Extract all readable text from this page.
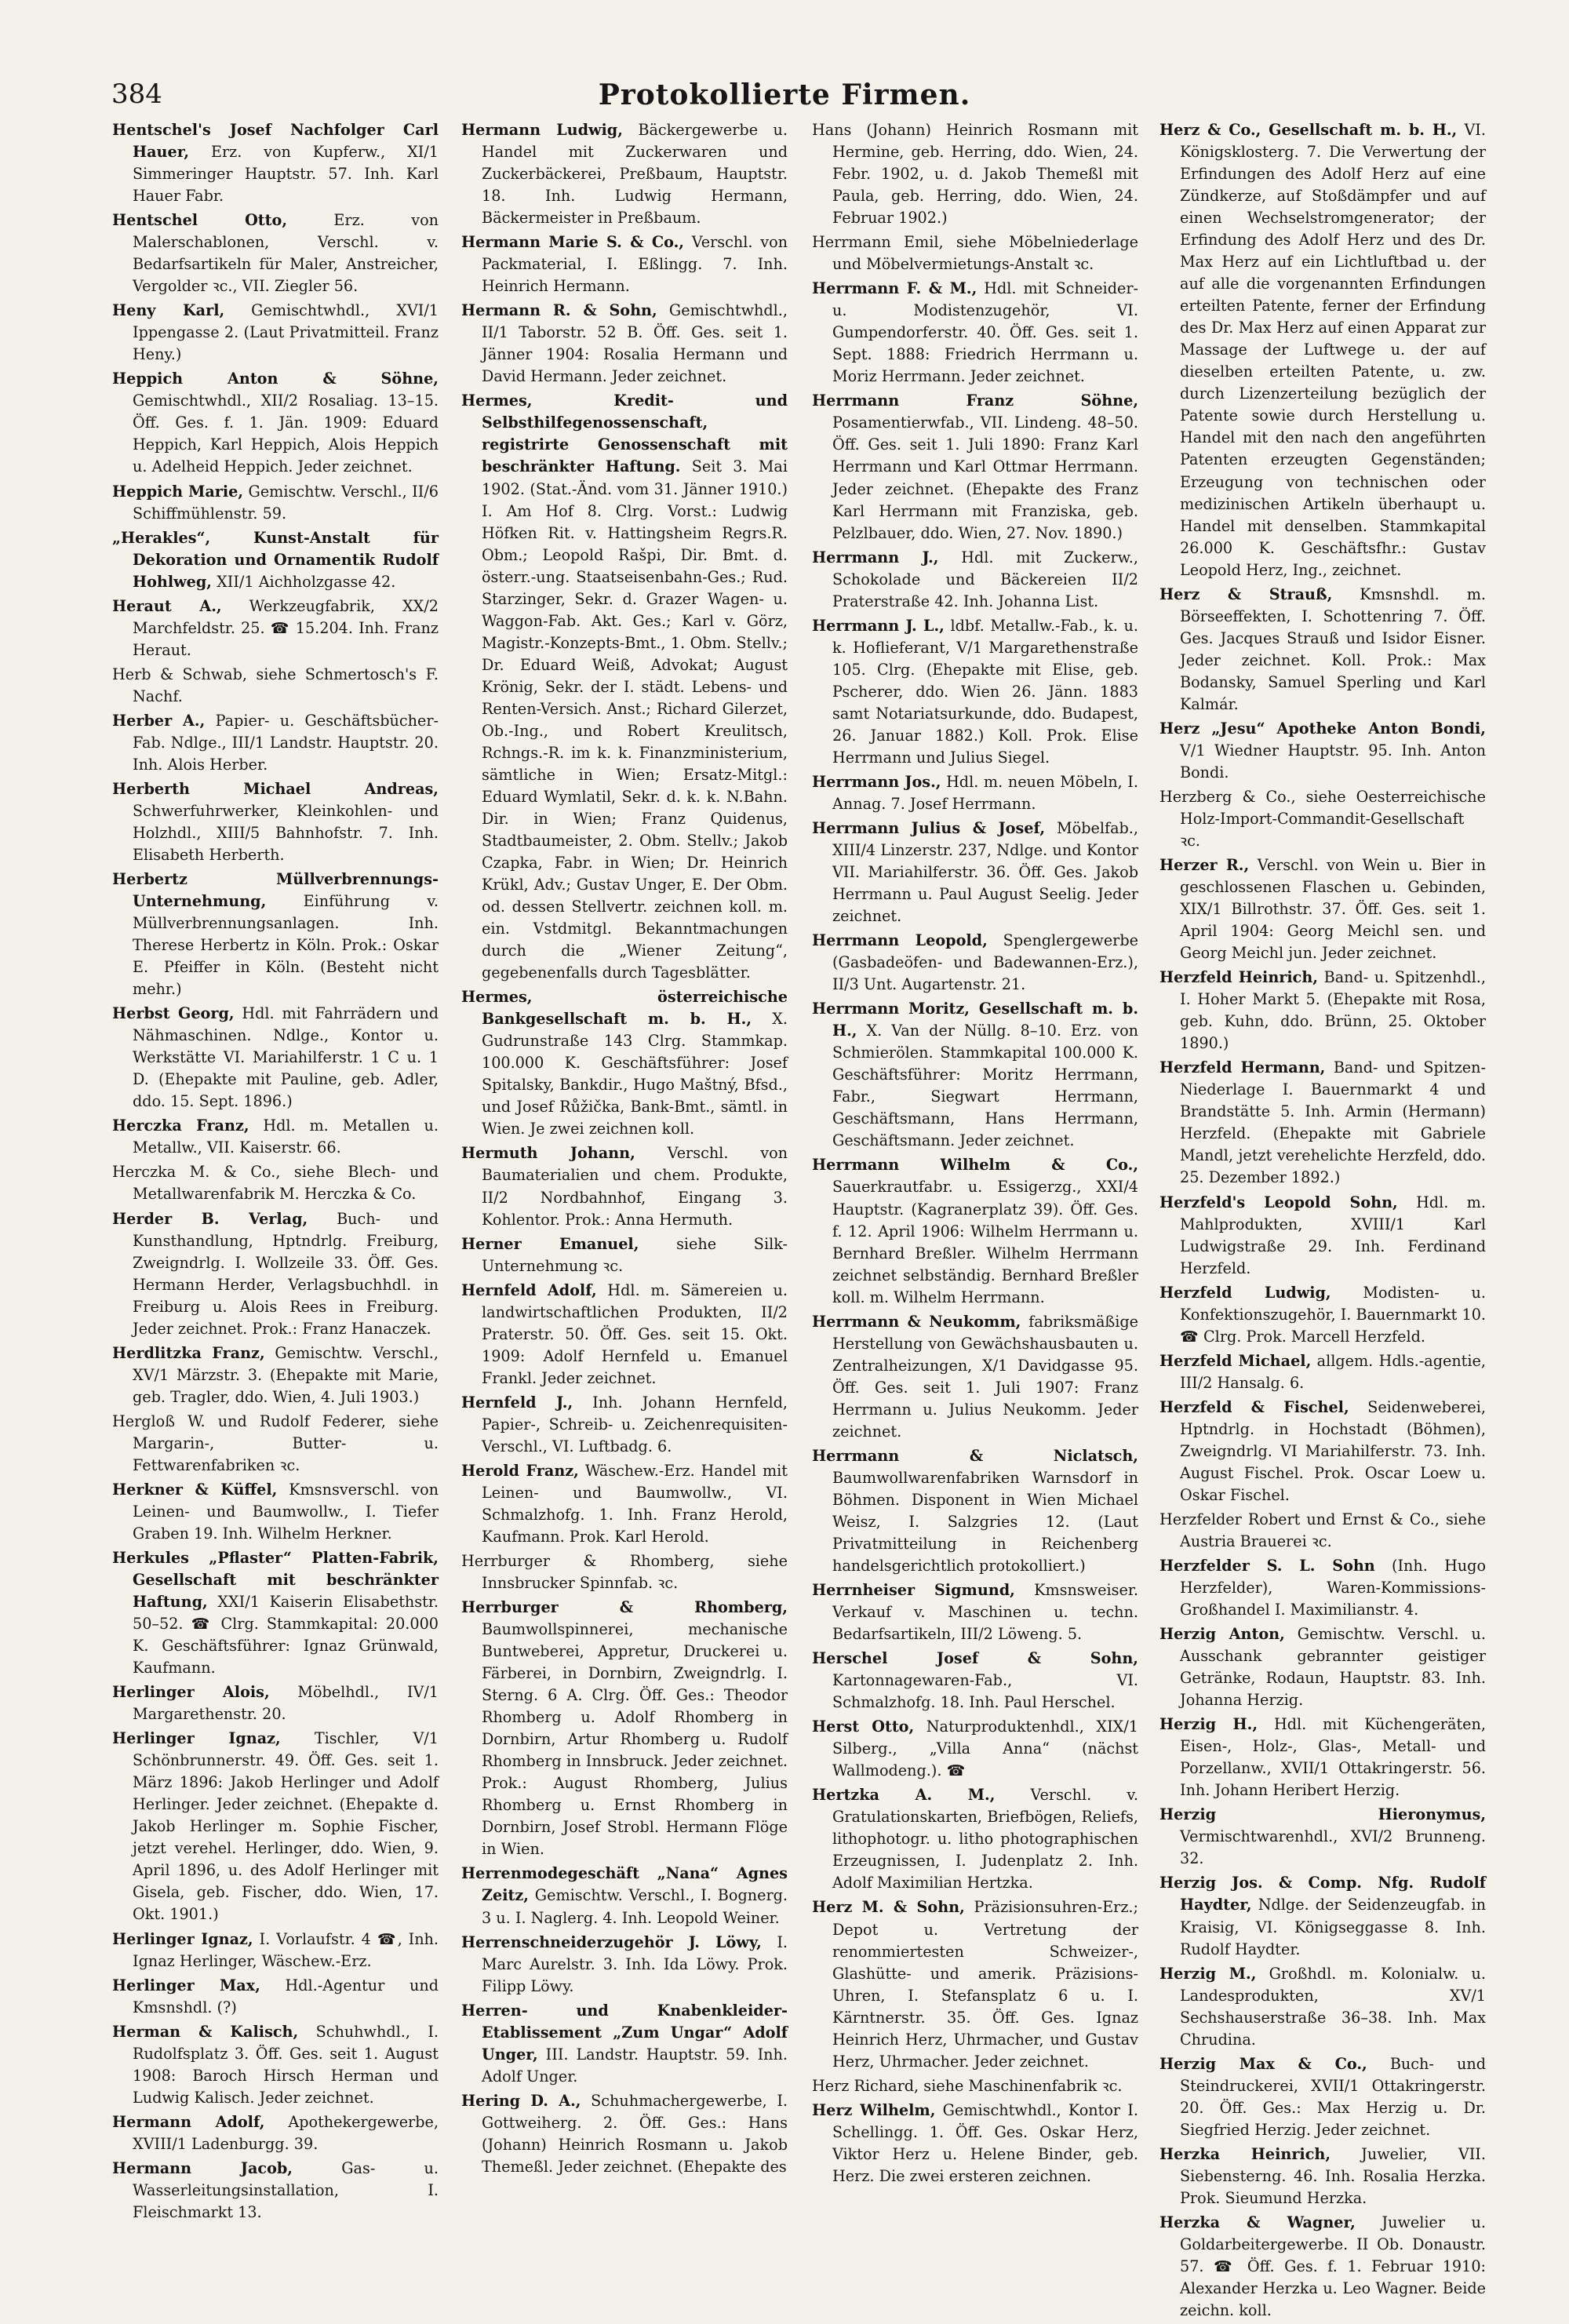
384	Protokollierte Firmen.

Hentschel's Josef Nachfolger Carl Hauer, Erz. von Kupferw., XI/1 Simmeringer Hauptstr. 57. Inh. Karl Hauer Fabr.

Hentschel Otto,	Erz. von Malerschablonen, Verschl. v. Bedarfsartikeln für Maler, Anstreicher, Vergolder ꝛc., VII. Ziegler 56.

Heny Karl, Gemischtwhdl., XVI/1 Ippengasse 2. (Laut Privatmitteil. Franz Heny.)

Heppich Anton & Söhne, Gemischtwhdl., XII/2 Rosaliag. 13–15. Öff. Ges. f. 1. Jän. 1909: Eduard Heppich, Karl Heppich, Alois Heppich u. Adelheid Heppich. Jeder zeichnet.

Heppich Marie, Gemischtw. Verschl., II/6 Schiffmühlenstr. 59.

„Herakles“, Kunst-Anstalt für Dekoration und Ornamentik Rudolf Hohlweg, XII/1 Aichholzgasse 42.

Heraut A., Werkzeugfabrik, XX/2 Marchfeldstr. 25. ☎ 15.204. Inh. Franz Heraut.

Herb & Schwab, siehe Schmertosch's F. Nachf.

Herber A., Papier- u. Geschäftsbücher-Fab. Ndlge., III/1 Landstr. Hauptstr. 20. Inh. Alois Herber.

Herberth Michael Andreas, Schwerfuhrwerker, Kleinkohlen- und Holzhdl., XIII/5 Bahnhofstr. 7. Inh. Elisabeth Herberth.

Herbertz Müllverbrennungs-Unternehmung, Einführung v. Müllverbrennungsanlagen. Inh. Therese Herbertz in Köln. Prok.: Oskar E. Pfeiffer in Köln. (Besteht nicht mehr.)

Herbst Georg, Hdl. mit Fahrrädern und Nähmaschinen. Ndlge., Kontor u. Werkstätte VI. Mariahilferstr. 1 C u. 1 D. (Ehepakte mit Pauline, geb. Adler, ddo. 15. Sept. 1896.)

Herczka Franz, Hdl. m. Metallen u. Metallw., VII. Kaiserstr. 66.

Herczka M. & Co., siehe Blech- und Metallwarenfabrik M. Herczka & Co.

Herder B. Verlag, Buch- und Kunsthandlung, Hptndrlg. Freiburg, Zweigndrlg. I. Wollzeile 33. Öff. Ges. Hermann Herder, Verlagsbuchhdl. in Freiburg u. Alois Rees in Freiburg. Jeder zeichnet. Prok.: Franz Hanaczek.

Herdlitzka Franz, Gemischtw. Verschl., XV/1 Märzstr. 3. (Ehepakte mit Marie, geb. Tragler, ddo. Wien, 4. Juli 1903.)

Hergloß W. und Rudolf Federer, siehe Margarin-, Butter- u. Fettwarenfabriken ꝛc.

Herkner & Küffel, Kmsnsverschl. von Leinen- und Baumwollw., I. Tiefer Graben 19. Inh. Wilhelm Herkner.

Herkules „Pflaster“ Platten-Fabrik, Gesellschaft mit beschränkter Haftung, XXI/1 Kaiserin Elisabethstr. 50–52. ☎ Clrg. Stammkapital: 20.000 K. Geschäftsführer: Ignaz Grünwald, Kaufmann.

Herlinger Alois, Möbelhdl., IV/1 Margarethenstr. 20.

Herlinger Ignaz, Tischler, V/1 Schönbrunnerstr. 49. Öff. Ges. seit 1. März 1896: Jakob Herlinger und Adolf Herlinger. Jeder zeichnet. (Ehepakte d. Jakob Herlinger m. Sophie Fischer, jetzt verehel. Herlinger, ddo. Wien, 9. April 1896, u. des Adolf Herlinger mit Gisela, geb. Fischer, ddo. Wien, 17. Okt. 1901.)

Herlinger Ignaz, I. Vorlaufstr. 4 ☎, Inh. Ignaz Herlinger, Wäschew.-Erz.

Herlinger Max, Hdl.-Agentur und Kmsnshdl. (?)

Herman & Kalisch, Schuhwhdl., I. Rudolfsplatz 3. Öff. Ges. seit 1. August 1908: Baroch Hirsch Herman und Ludwig Kalisch. Jeder zeichnet.

Hermann Adolf, Apothekergewerbe, XVIII/1 Ladenburgg. 39.

Hermann Jacob,	Gas- u. Wasserleitungsinstallation, I. Fleischmarkt 13.

Hermann Ludwig, Bäckergewerbe u. Handel mit Zuckerwaren und Zuckerbäckerei, Preßbaum, Hauptstr. 18. Inh. Ludwig Hermann, Bäckermeister in Preßbaum.

Hermann Marie S. & Co., Verschl. von Packmaterial, I. Eßlingg. 7. Inh. Heinrich Hermann.

Hermann R. & Sohn, Gemischtwhdl., II/1 Taborstr. 52 B. Öff. Ges. seit 1. Jänner 1904: Rosalia Hermann und David Hermann. Jeder zeichnet.

Hermes, Kredit- und Selbsthilfegenossenschaft, registrirte Genossenschaft mit beschränkter Haftung. Seit 3. Mai 1902. (Stat.-Änd. vom 31. Jänner 1910.) I. Am Hof 8. Clrg. Vorst.: Ludwig Höfken Rit. v. Hattingsheim Regrs.R. Obm.; Leopold Rašpi, Dir. Bmt. d. österr.-ung. Staatseisenbahn-Ges.; Rud. Starzinger, Sekr. d. Grazer Wagen- u. Waggon-Fab. Akt. Ges.; Karl v. Görz, Magistr.-Konzepts-Bmt., 1. Obm. Stellv.; Dr. Eduard Weiß, Advokat; August Krönig, Sekr. der I. städt. Lebens- und Renten-Versich. Anst.; Richard Gilerzet, Ob.-Ing., und Robert Kreulitsch, Rchngs.-R. im k. k. Finanzministerium, sämtliche in Wien; Ersatz-Mitgl.: Eduard Wymlatil, Sekr. d. k. k. N.Bahn. Dir. in Wien; Franz Quidenus, Stadtbaumeister, 2. Obm. Stellv.; Jakob Czapka, Fabr. in Wien; Dr. Heinrich Krükl, Adv.; Gustav Unger, E. Der Obm. od. dessen Stellvertr. zeichnen koll. m. ein. Vstdmitgl. Bekanntmachungen durch die „Wiener Zeitung“, gegebenenfalls durch Tagesblätter.

Hermes, österreichische Bankgesellschaft m. b. H., X. Gudrunstraße 143 Clrg. Stammkap. 100.000 K. Geschäftsführer: Josef Spitalsky, Bankdir., Hugo Maštný, Bfsd., und Josef Růžička, Bank-Bmt., sämtl. in Wien. Je zwei zeichnen koll.

Hermuth Johann, Verschl. von Baumaterialien und chem. Produkte, II/2 Nordbahnhof, Eingang 3. Kohlentor. Prok.: Anna Hermuth.

Herner Emanuel, siehe Silk-Unternehmung ꝛc.

Hernfeld Adolf, Hdl. m. Sämereien u. landwirtschaftlichen Produkten, II/2 Praterstr. 50. Öff. Ges. seit 15. Okt. 1909: Adolf Hernfeld u. Emanuel Frankl. Jeder zeichnet.

Hernfeld J., Inh. Johann Hernfeld, Papier-, Schreib- u. Zeichenrequisiten-Verschl., VI. Luftbadg. 6.

Herold Franz, Wäschew.-Erz. Handel mit Leinen- und Baumwollw., VI. Schmalzhofg. 1. Inh. Franz Herold, Kaufmann. Prok. Karl Herold.

Herrburger & Rhomberg, siehe Innsbrucker Spinnfab. ꝛc.

Herrburger & Rhomberg, Baumwollspinnerei, mechanische Buntweberei, Appretur, Druckerei u. Färberei, in Dornbirn, Zweigndrlg. I. Sterng. 6 A. Clrg. Öff. Ges.: Theodor Rhomberg u. Adolf Rhomberg in Dornbirn, Artur Rhomberg u. Rudolf Rhomberg in Innsbruck. Jeder zeichnet. Prok.: August Rhomberg, Julius Rhomberg u. Ernst Rhomberg in Dornbirn, Josef Strobl. Hermann Flöge in Wien.

Herrenmodegeschäft „Nana“ Agnes Zeitz, Gemischtw. Verschl., I. Bognerg. 3 u. I. Naglerg. 4. Inh. Leopold Weiner.

Herrenschneiderzugehör J. Löwy, I. Marc Aurelstr. 3. Inh. Ida Löwy. Prok. Filipp Löwy.

Herren- und Knabenkleider-Etablissement „Zum Ungar“ Adolf Unger, III. Landstr. Hauptstr. 59. Inh. Adolf Unger.

Hering D. A., Schuhmachergewerbe, I. Gottweiherg. 2. Öff. Ges.: Hans (Johann) Heinrich Rosmann u. Jakob Themeßl. Jeder zeichnet. (Ehepakte des

Hans (Johann) Heinrich Rosmann mit Hermine, geb. Herring, ddo. Wien, 24. Febr. 1902, u. d. Jakob Themeßl mit Paula, geb. Herring, ddo. Wien, 24. Februar 1902.)

Herrmann Emil, siehe Möbelniederlage und Möbelvermietungs-Anstalt ꝛc.

Herrmann F. & M., Hdl. mit Schneider- u. Modistenzugehör, VI. Gumpendorferstr. 40. Öff. Ges. seit 1. Sept. 1888: Friedrich Herrmann u. Moriz Herrmann. Jeder zeichnet.

Herrmann Franz Söhne, Posamentierwfab., VII. Lindeng. 48–50. Öff. Ges. seit 1. Juli 1890: Franz Karl Herrmann und Karl Ottmar Herrmann. Jeder zeichnet. (Ehepakte des Franz Karl Herrmann mit Franziska, geb. Pelzlbauer, ddo. Wien, 27. Nov. 1890.)

Herrmann J., Hdl. mit Zuckerw., Schokolade und Bäckereien II/2 Praterstraße 42. Inh. Johanna List.

Herrmann J. L., ldbf. Metallw.-Fab., k. u. k. Hoflieferant, V/1 Margarethenstraße 105. Clrg. (Ehepakte mit Elise, geb. Pscherer, ddo. Wien 26. Jänn. 1883 samt Notariatsurkunde, ddo. Budapest, 26. Januar 1882.) Koll. Prok. Elise Herrmann und Julius Siegel.

Herrmann Jos., Hdl. m. neuen Möbeln, I. Annag. 7. Josef Herrmann.

Herrmann Julius & Josef, Möbelfab., XIII/4 Linzerstr. 237, Ndlge. und Kontor VII. Mariahilferstr. 36. Öff. Ges. Jakob Herrmann u. Paul August Seelig. Jeder zeichnet.

Herrmann Leopold, Spenglergewerbe (Gasbadeöfen- und Badewannen-Erz.), II/3 Unt. Augartenstr. 21.

Herrmann Moritz, Gesellschaft m. b. H., X. Van der Nüllg. 8–10. Erz. von Schmierölen. Stammkapital 100.000 K. Geschäftsführer: Moritz Herrmann, Fabr., Siegwart Herrmann, Geschäftsmann, Hans Herrmann, Geschäftsmann. Jeder zeichnet.

Herrmann Wilhelm & Co., Sauerkrautfabr. u. Essigerzg., XXI/4 Hauptstr. (Kagranerplatz 39). Öff. Ges. f. 12. April 1906: Wilhelm Herrmann u. Bernhard Breßler. Wilhelm Herrmann zeichnet selbständig. Bernhard Breßler koll. m. Wilhelm Herrmann.

Herrmann & Neukomm, fabriksmäßige Herstellung von Gewächshausbauten u. Zentralheizungen, X/1 Davidgasse 95. Öff. Ges. seit 1. Juli 1907: Franz Herrmann u. Julius Neukomm. Jeder zeichnet.

Herrmann & Niclatsch, Baumwollwarenfabriken Warnsdorf in Böhmen. Disponent in Wien Michael Weisz, I. Salzgries 12. (Laut Privatmitteilung in Reichenberg handelsgerichtlich protokolliert.)

Herrnheiser Sigmund, Kmsnsweiser. Verkauf v. Maschinen u. techn. Bedarfsartikeln, III/2 Löweng. 5.

Herschel Josef & Sohn, Kartonnagewaren-Fab., VI. Schmalzhofg. 18. Inh. Paul Herschel.

Herst Otto, Naturproduktenhdl., XIX/1 Silberg., „Villa Anna“ (nächst Wallmodeng.). ☎

Hertzka A. M., Verschl. v. Gratulationskarten, Briefbögen, Reliefs, lithophotogr. u. litho photographischen Erzeugnissen, I. Judenplatz 2. Inh. Adolf Maximilian Hertzka.

Herz M. & Sohn, Präzisionsuhren-Erz.; Depot u. Vertretung der renommiertesten Schweizer-, Glashütte- und amerik. Präzisions-Uhren, I. Stefansplatz 6 u. I. Kärntnerstr. 35. Öff. Ges. Ignaz Heinrich Herz, Uhrmacher, und Gustav Herz, Uhrmacher. Jeder zeichnet.

Herz Richard, siehe Maschinenfabrik ꝛc.

Herz Wilhelm, Gemischtwhdl., Kontor I. Schellingg. 1. Öff. Ges. Oskar Herz, Viktor Herz u. Helene Binder, geb. Herz. Die zwei ersteren zeichnen.

Herz & Co., Gesellschaft m. b. H., VI. Königsklosterg. 7. Die Verwertung der Erfindungen des Adolf Herz auf eine Zündkerze, auf Stoßdämpfer und auf einen Wechselstromgenerator; der Erfindung des Adolf Herz und des Dr. Max Herz auf ein Lichtluftbad u. der auf alle die vorgenannten Erfindungen erteilten Patente, ferner der Erfindung des Dr. Max Herz auf einen Apparat zur Massage der Luftwege u. der auf dieselben erteilten Patente, u. zw. durch Lizenzerteilung bezüglich der Patente sowie durch Herstellung u. Handel mit den nach den angeführten Patenten erzeugten Gegenständen; Erzeugung von technischen oder medizinischen Artikeln überhaupt u. Handel mit denselben. Stammkapital 26.000 K. Geschäftsfhr.: Gustav Leopold Herz, Ing., zeichnet.

Herz & Strauß, Kmsnshdl. m. Börseeffekten, I. Schottenring 7. Öff. Ges. Jacques Strauß und Isidor Eisner. Jeder zeichnet. Koll. Prok.: Max Bodansky, Samuel Sperling und Karl Kalmár.

Herz „Jesu“ Apotheke Anton Bondi, V/1 Wiedner Hauptstr. 95. Inh. Anton Bondi.

Herzberg & Co., siehe Oesterreichische Holz-Import-Commandit-Gesellschaft ꝛc.

Herzer R., Verschl. von Wein u. Bier in geschlossenen Flaschen u. Gebinden, XIX/1 Billrothstr. 37. Öff. Ges. seit 1. April 1904: Georg Meichl sen. und Georg Meichl jun. Jeder zeichnet.

Herzfeld Heinrich, Band- u. Spitzenhdl., I. Hoher Markt 5. (Ehepakte mit Rosa, geb. Kuhn, ddo. Brünn, 25. Oktober 1890.)

Herzfeld Hermann, Band- und Spitzen-Niederlage I. Bauernmarkt 4 und Brandstätte 5. Inh. Armin (Hermann) Herzfeld. (Ehepakte mit Gabriele Mandl, jetzt verehelichte Herzfeld, ddo. 25. Dezember 1892.)

Herzfeld's Leopold Sohn, Hdl. m. Mahlprodukten, XVIII/1 Karl Ludwigstraße 29. Inh. Ferdinand Herzfeld.

Herzfeld Ludwig, Modisten- u. Konfektionszugehör, I. Bauernmarkt 10. ☎ Clrg. Prok. Marcell Herzfeld.

Herzfeld Michael, allgem. Hdls.-agentie, III/2 Hansalg. 6.

Herzfeld & Fischel, Seidenweberei, Hptndrlg. in Hochstadt (Böhmen), Zweigndrlg. VI Mariahilferstr. 73. Inh. August Fischel. Prok. Oscar Loew u. Oskar Fischel.

Herzfelder Robert und Ernst & Co., siehe Austria Brauerei ꝛc.

Herzfelder S. L. Sohn (Inh. Hugo Herzfelder), Waren-Kommissions-Großhandel I. Maximilianstr. 4.

Herzig Anton, Gemischtw. Verschl. u. Ausschank gebrannter geistiger Getränke, Rodaun, Hauptstr. 83. Inh. Johanna Herzig.

Herzig H., Hdl. mit Küchengeräten, Eisen-, Holz-, Glas-, Metall- und Porzellanw., XVII/1 Ottakringerstr. 56. Inh. Johann Heribert Herzig.

Herzig Hieronymus, Vermischtwarenhdl., XVI/2 Brunneng. 32.

Herzig Jos. & Comp. Nfg. Rudolf Haydter, Ndlge. der Seidenzeugfab. in Kraisig, VI. Königseggasse 8. Inh. Rudolf Haydter.

Herzig M., Großhdl. m. Kolonialw. u. Landesprodukten, XV/1 Sechshauserstraße 36–38. Inh. Max Chrudina.

Herzig Max & Co., Buch- und Steindruckerei, XVII/1 Ottakringerstr. 20. Öff. Ges.: Max Herzig u. Dr. Siegfried Herzig. Jeder zeichnet.

Herzka Heinrich, Juwelier, VII. Siebensterng. 46. Inh. Rosalia Herzka. Prok. Sieumund Herzka.

Herzka & Wagner, Juwelier u. Goldarbeitergewerbe. II Ob. Donaustr. 57. ☎ Öff. Ges. f. 1. Februar 1910: Alexander Herzka u. Leo Wagner. Beide zeichn. koll.
